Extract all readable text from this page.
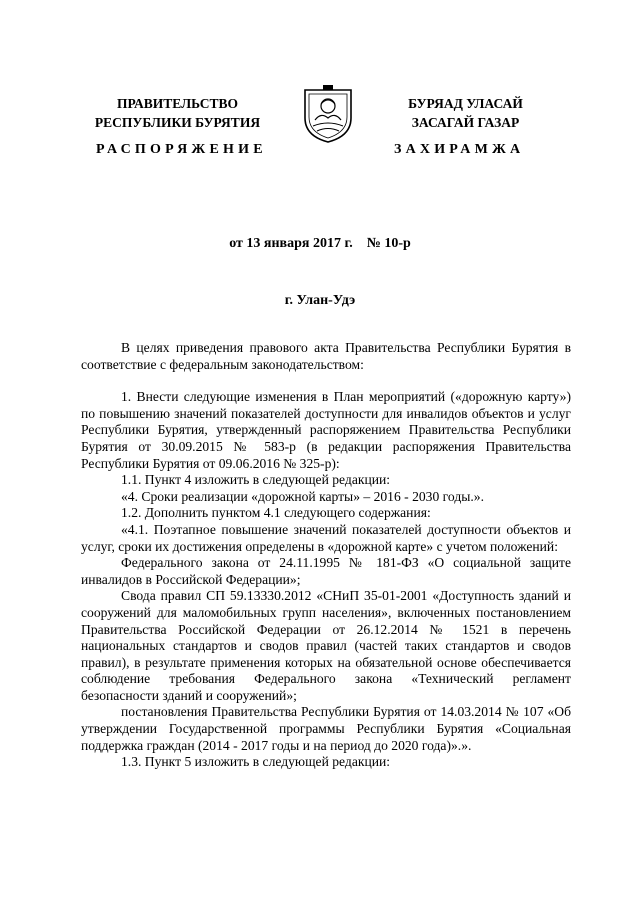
ПРАВИТЕЛЬСТВО
РЕСПУБЛИКИ БУРЯТИЯ
БУРЯАД УЛАСАЙ
ЗАСАГАЙ ГАЗАР
РАСПОРЯЖЕНИЕ	ЗАХИРАМЖА
от 13 января 2017 г.    № 10-р
г. Улан-Удэ

В целях приведения правового акта Правительства Республики Бурятия в соответствие с федеральным законодательством:

1. Внести следующие изменения в План мероприятий («дорожную карту») по повышению значений показателей доступности для инвалидов объектов и услуг Республики Бурятия, утвержденный распоряжением Правительства Республики Бурятия от 30.09.2015 № 583-р (в редакции распоряжения Правительства Республики Бурятия от 09.06.2016 № 325-р):

1.1. Пункт 4 изложить в следующей редакции:

«4. Сроки реализации «дорожной карты» – 2016 - 2030 годы.».

1.2. Дополнить пунктом 4.1 следующего содержания:

«4.1. Поэтапное повышение значений показателей доступности объектов и услуг, сроки их достижения определены в «дорожной карте» с учетом положений:

Федерального закона от 24.11.1995 № 181-ФЗ «О социальной защите инвалидов в Российской Федерации»;

Свода правил СП 59.13330.2012 «СНиП 35-01-2001 «Доступность зданий и сооружений для маломобильных групп населения», включенных постановлением Правительства Российской Федерации от 26.12.2014 № 1521 в перечень национальных стандартов и сводов правил (частей таких стандартов и сводов правил), в результате применения которых на обязательной основе обеспечивается соблюдение требования Федерального закона «Технический регламент безопасности зданий и сооружений»;

постановления Правительства Республики Бурятия от 14.03.2014 № 107 «Об утверждении Государственной программы Республики Бурятия «Социальная поддержка граждан (2014 - 2017 годы и на период до 2020 года)».».

1.3. Пункт 5 изложить в следующей редакции:
